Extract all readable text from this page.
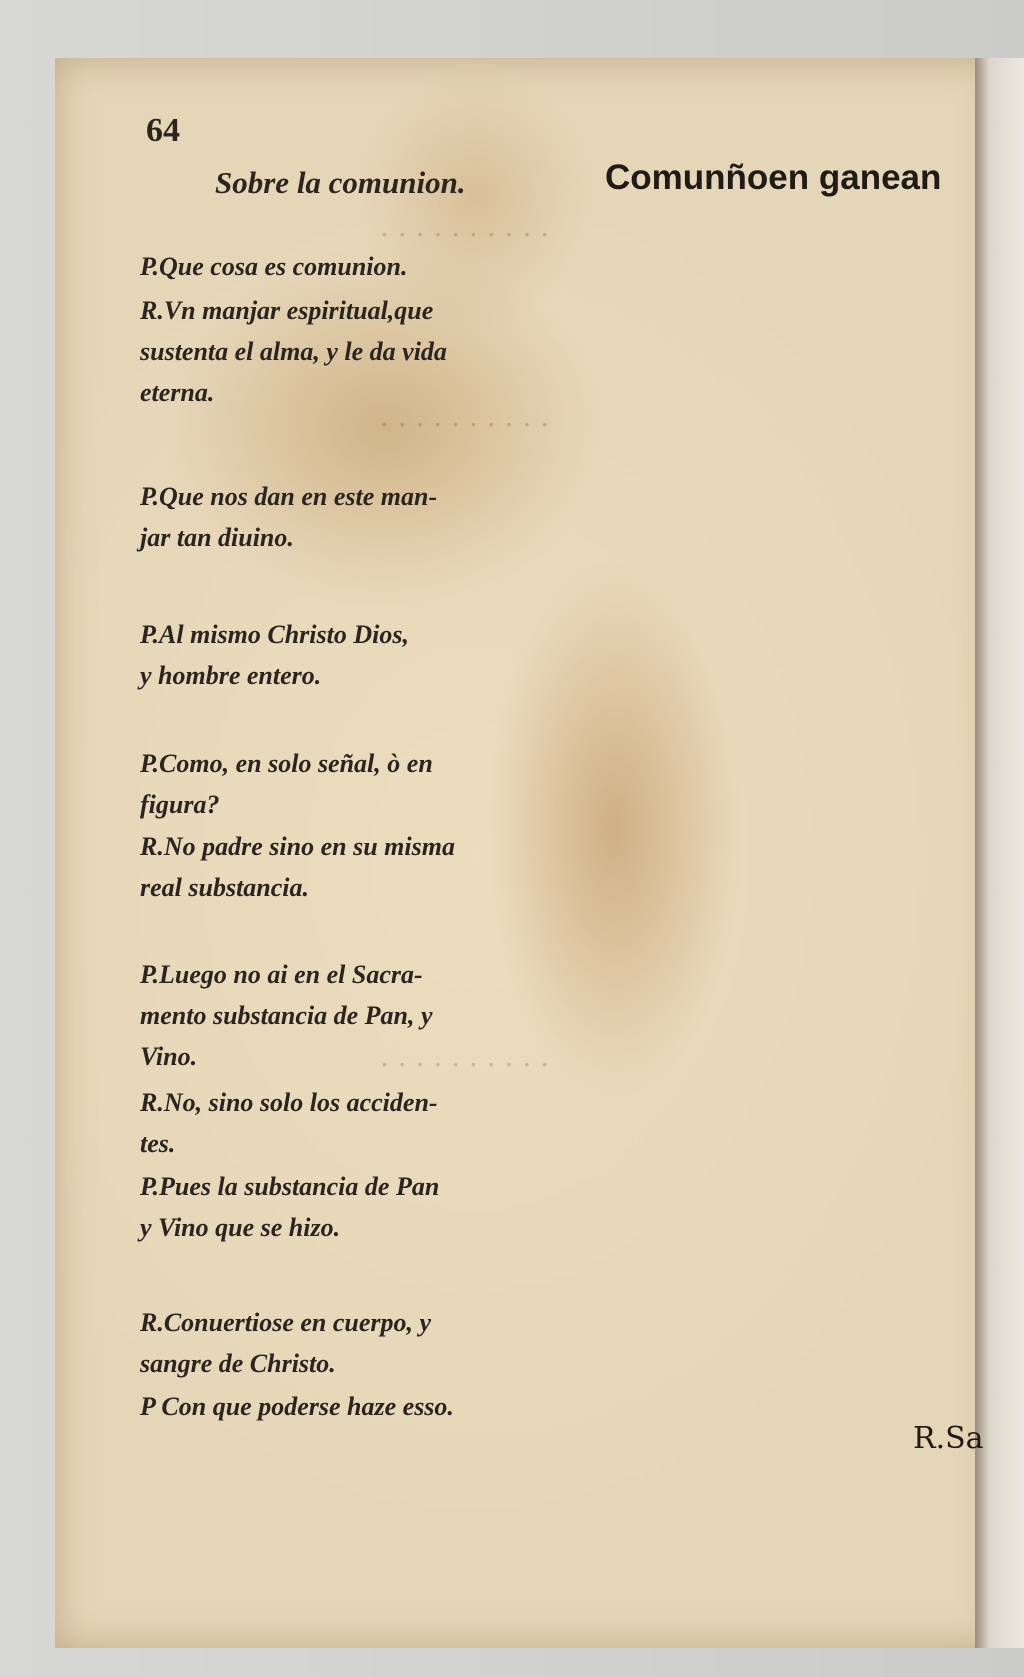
. . . . . . . . . .
. . . . . . . . . .
. . . . . . . . . .
64
Sobre la comunion.	Comunñoen ganean
P.Que cosa es comunion.
R.Vn manjar espiritual,que
sustenta el alma, y le da vida
eterna.
P.Que nos dan en este man-
jar tan diuino.
P.Al mismo Christo Dios,
y hombre entero.
P.Como, en solo señal, ò en
figura?
R.No padre sino en su misma
real substancia.
P.Luego no ai en el Sacra-
mento substancia de Pan, y
Vino.
R.No, sino solo los acciden-
tes.
P.Pues la substancia de Pan
y Vino que se hizo.
R.Conuertiose en cuerpo, y
sangre de Christo.
P Con que poderse haze esso.
R.Sa
